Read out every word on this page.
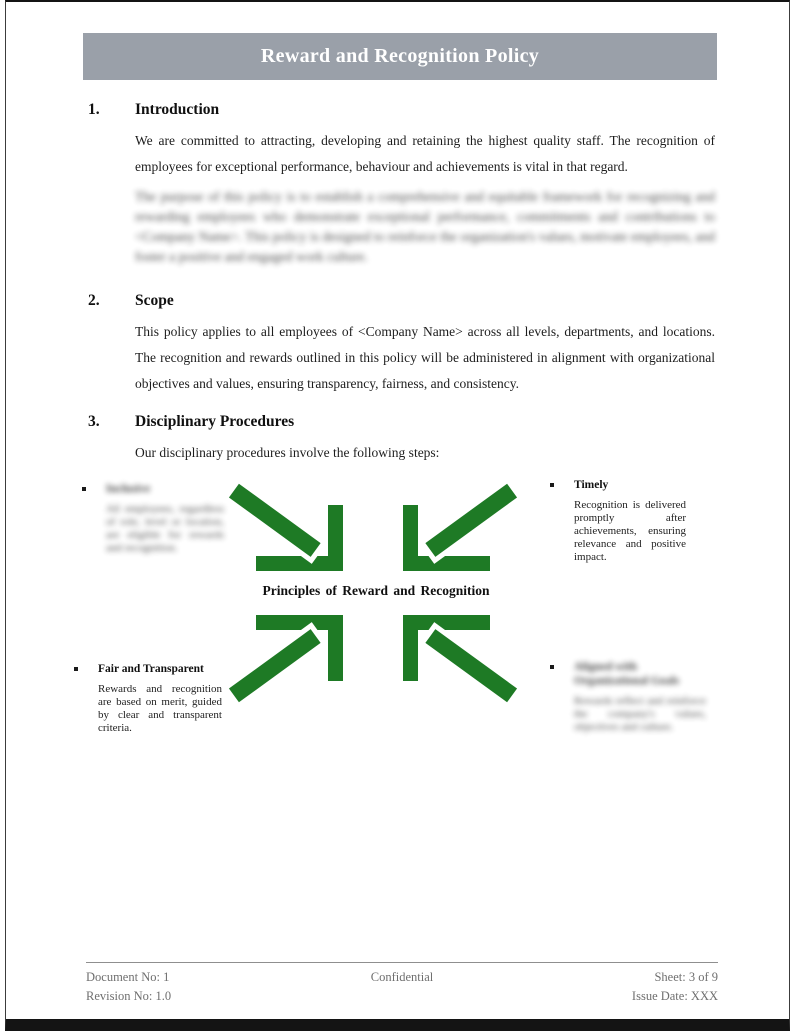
Reward and Recognition Policy
1.	Introduction

We are committed to attracting, developing and retaining the highest quality staff. The recognition of employees for exceptional performance, behaviour and achievements is vital in that regard.

The purpose of this policy is to establish a comprehensive and equitable framework for recognizing and rewarding employees who demonstrate exceptional performance, commitments and contributions to <Company Name>. This policy is designed to reinforce the organization's values, motivate employees, and foster a positive and engaged work culture.

2.	Scope

This policy applies to all employees of <Company Name> across all levels, departments, and locations. The recognition and rewards outlined in this policy will be administered in alignment with organizational objectives and values, ensuring transparency, fairness, and consistency.

3.	Disciplinary Procedures

Our disciplinary procedures involve the following steps:

Principles of Reward and Recognition
Inclusive
All employees, regardless of role, level or location, are eligible for rewards and recognition.
Timely
Recognition is delivered promptly after achievements, ensuring relevance and positive impact.
Fair and Transparent
Rewards and recognition are based on merit, guided by clear and transparent criteria.
Aligned with Organizational Goals
Rewards reflect and reinforce the company's values, objectives and culture.
Document No: 1
Revision No: 1.0
Confidential	Sheet: 3 of 9
Issue Date: XXX
